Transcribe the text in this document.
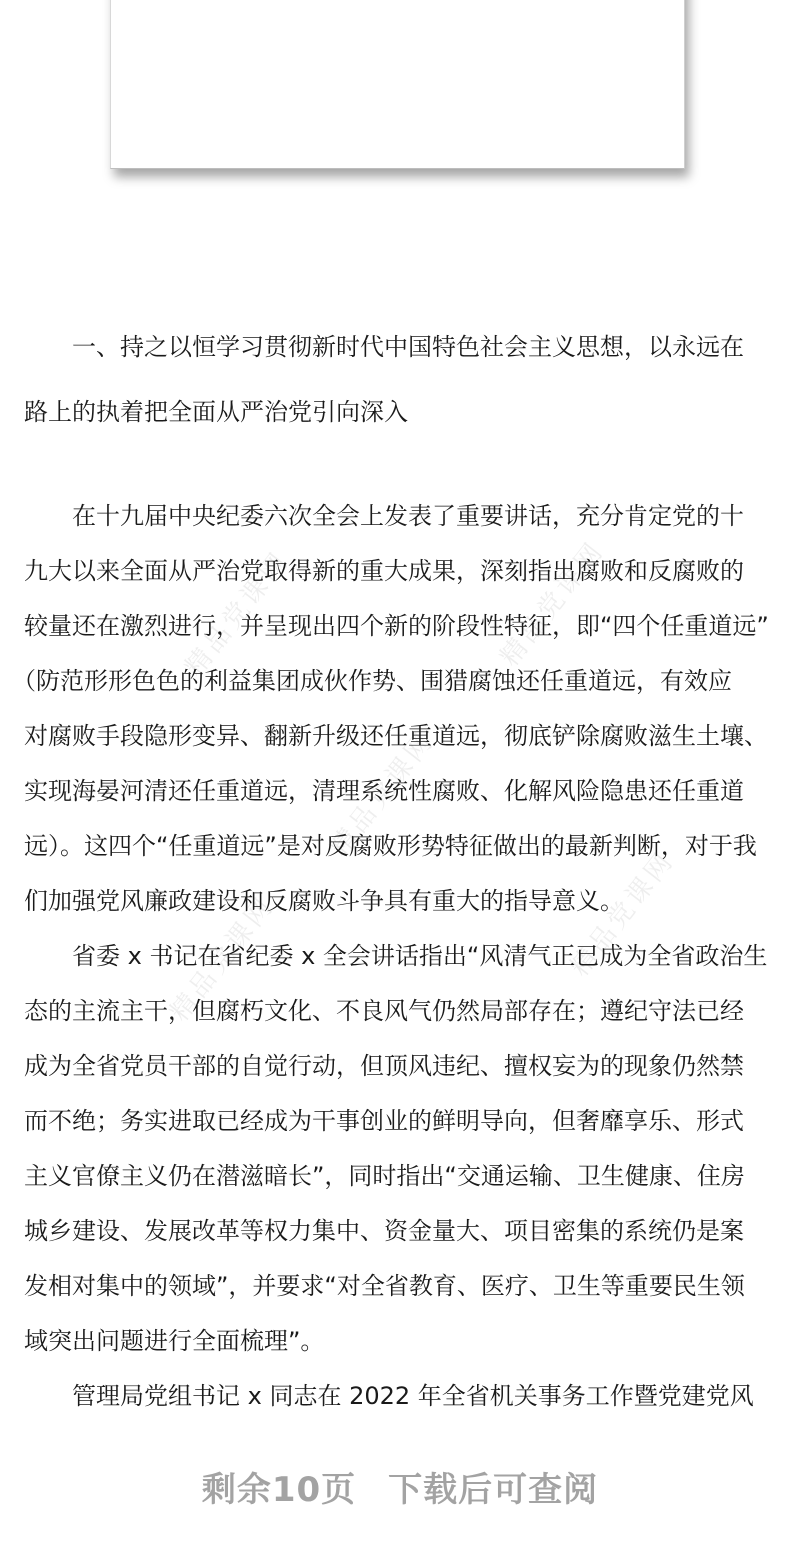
精品党课网	精品党课网
精品党课网
精品党课网	精品党课网
一、持之以恒学习贯彻新时代中国特色社会主义思想，以永远在
路上的执着把全面从严治党引向深入
在十九届中央纪委六次全会上发表了重要讲话，充分肯定党的十
九大以来全面从严治党取得新的重大成果，深刻指出腐败和反腐败的
较量还在激烈进行，并呈现出四个新的阶段性特征，即“四个任重道远”
（防范形形色色的利益集团成伙作势、围猎腐蚀还任重道远，有效应
对腐败手段隐形变异、翻新升级还任重道远，彻底铲除腐败滋生土壤、
实现海晏河清还任重道远，清理系统性腐败、化解风险隐患还任重道
远）。这四个“任重道远”是对反腐败形势特征做出的最新判断，对于我
们加强党风廉政建设和反腐败斗争具有重大的指导意义。
省委 x 书记在省纪委 x 全会讲话指出“风清气正已成为全省政治生
态的主流主干，但腐朽文化、不良风气仍然局部存在；遵纪守法已经
成为全省党员干部的自觉行动，但顶风违纪、擅权妄为的现象仍然禁
而不绝；务实进取已经成为干事创业的鲜明导向，但奢靡享乐、形式
主义官僚主义仍在潜滋暗长”，同时指出“交通运输、卫生健康、住房
城乡建设、发展改革等权力集中、资金量大、项目密集的系统仍是案
发相对集中的领域”，并要求“对全省教育、医疗、卫生等重要民生领
域突出问题进行全面梳理”。
管理局党组书记 x 同志在 2022 年全省机关事务工作暨党建党风
剩余10页 下载后可查阅
